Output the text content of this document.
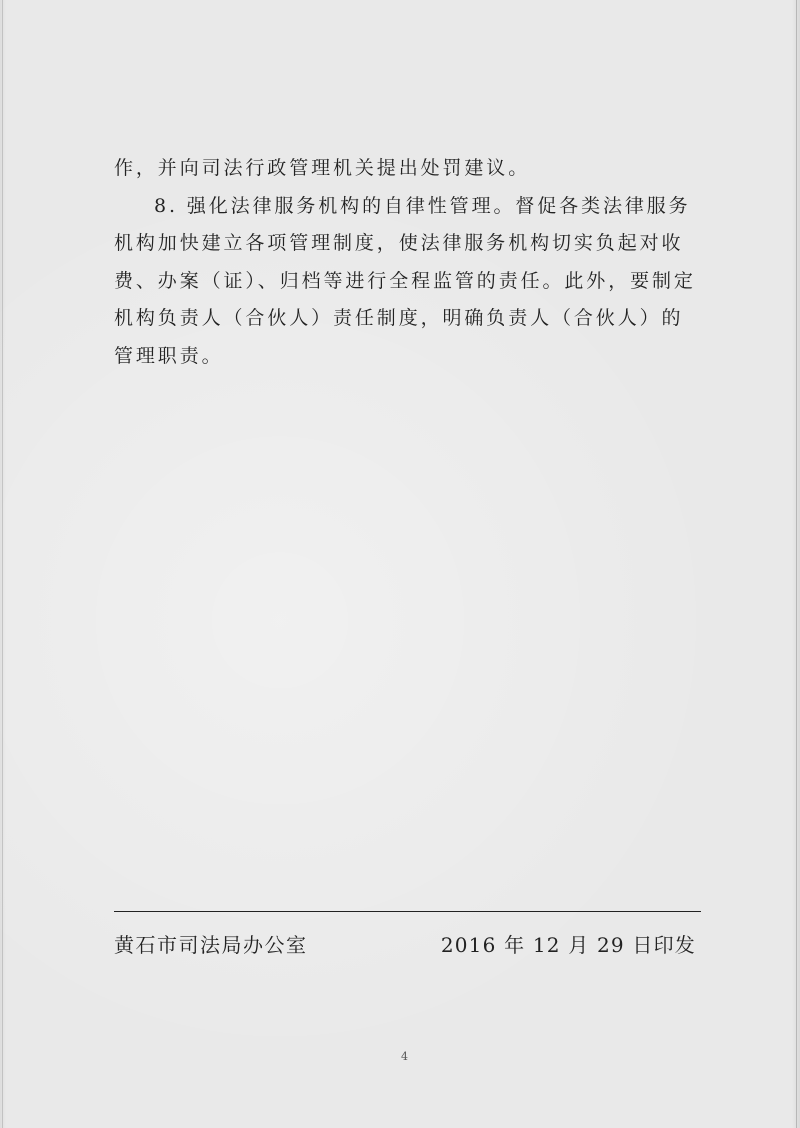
作，并向司法行政管理机关提出处罚建议。

8. 强化法律服务机构的自律性管理。督促各类法律服务机构加快建立各项管理制度，使法律服务机构切实负起对收费、办案（证）、归档等进行全程监管的责任。此外，要制定机构负责人（合伙人）责任制度，明确负责人（合伙人）的管理职责。

黄石市司法局办公室	2016 年 12 月 29 日印发
4
